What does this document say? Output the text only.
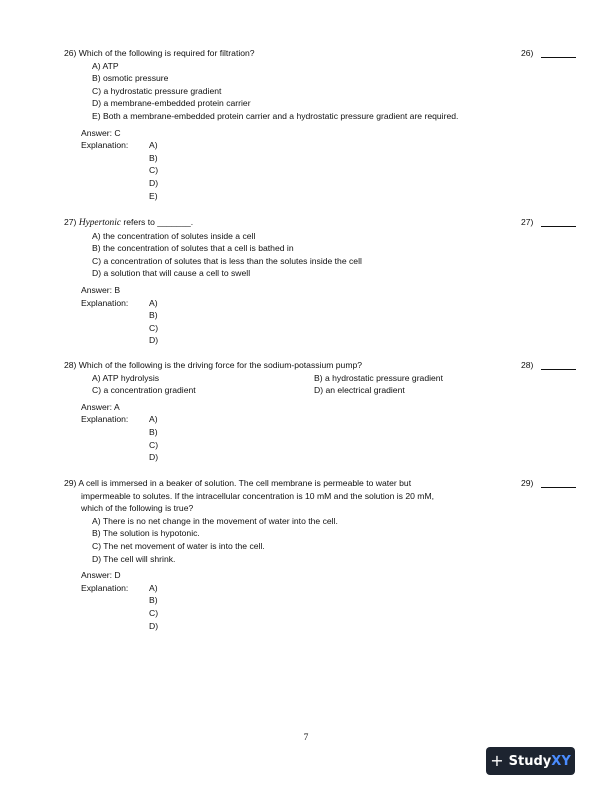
26) Which of the following is required for filtration?	26)
A) ATP
B) osmotic pressure
C) a hydrostatic pressure gradient
D) a membrane-embedded protein carrier
E) Both a membrane-embedded protein carrier and a hydrostatic pressure gradient are required.
Answer: C
Explanation: A)
B)
C)
D)
E)
27) Hypertonic refers to _______.	27)
A) the concentration of solutes inside a cell
B) the concentration of solutes that a cell is bathed in
C) a concentration of solutes that is less than the solutes inside the cell
D) a solution that will cause a cell to swell
Answer: B
Explanation: A)
B)
C)
D)
28) Which of the following is the driving force for the sodium-potassium pump?	28)
A) ATP hydrolysis	B) a hydrostatic pressure gradient
C) a concentration gradient	D) an electrical gradient
Answer: A
Explanation: A)
B)
C)
D)
29) A cell is immersed in a beaker of solution. The cell membrane is permeable to water but	29)
impermeable to solutes. If the intracellular concentration is 10 mM and the solution is 20 mM,
which of the following is true?
A) There is no net change in the movement of water into the cell.
B) The solution is hypotonic.
C) The net movement of water is into the cell.
D) The cell will shrink.
Answer: D
Explanation: A)
B)
C)
D)
7
+ Study XY
